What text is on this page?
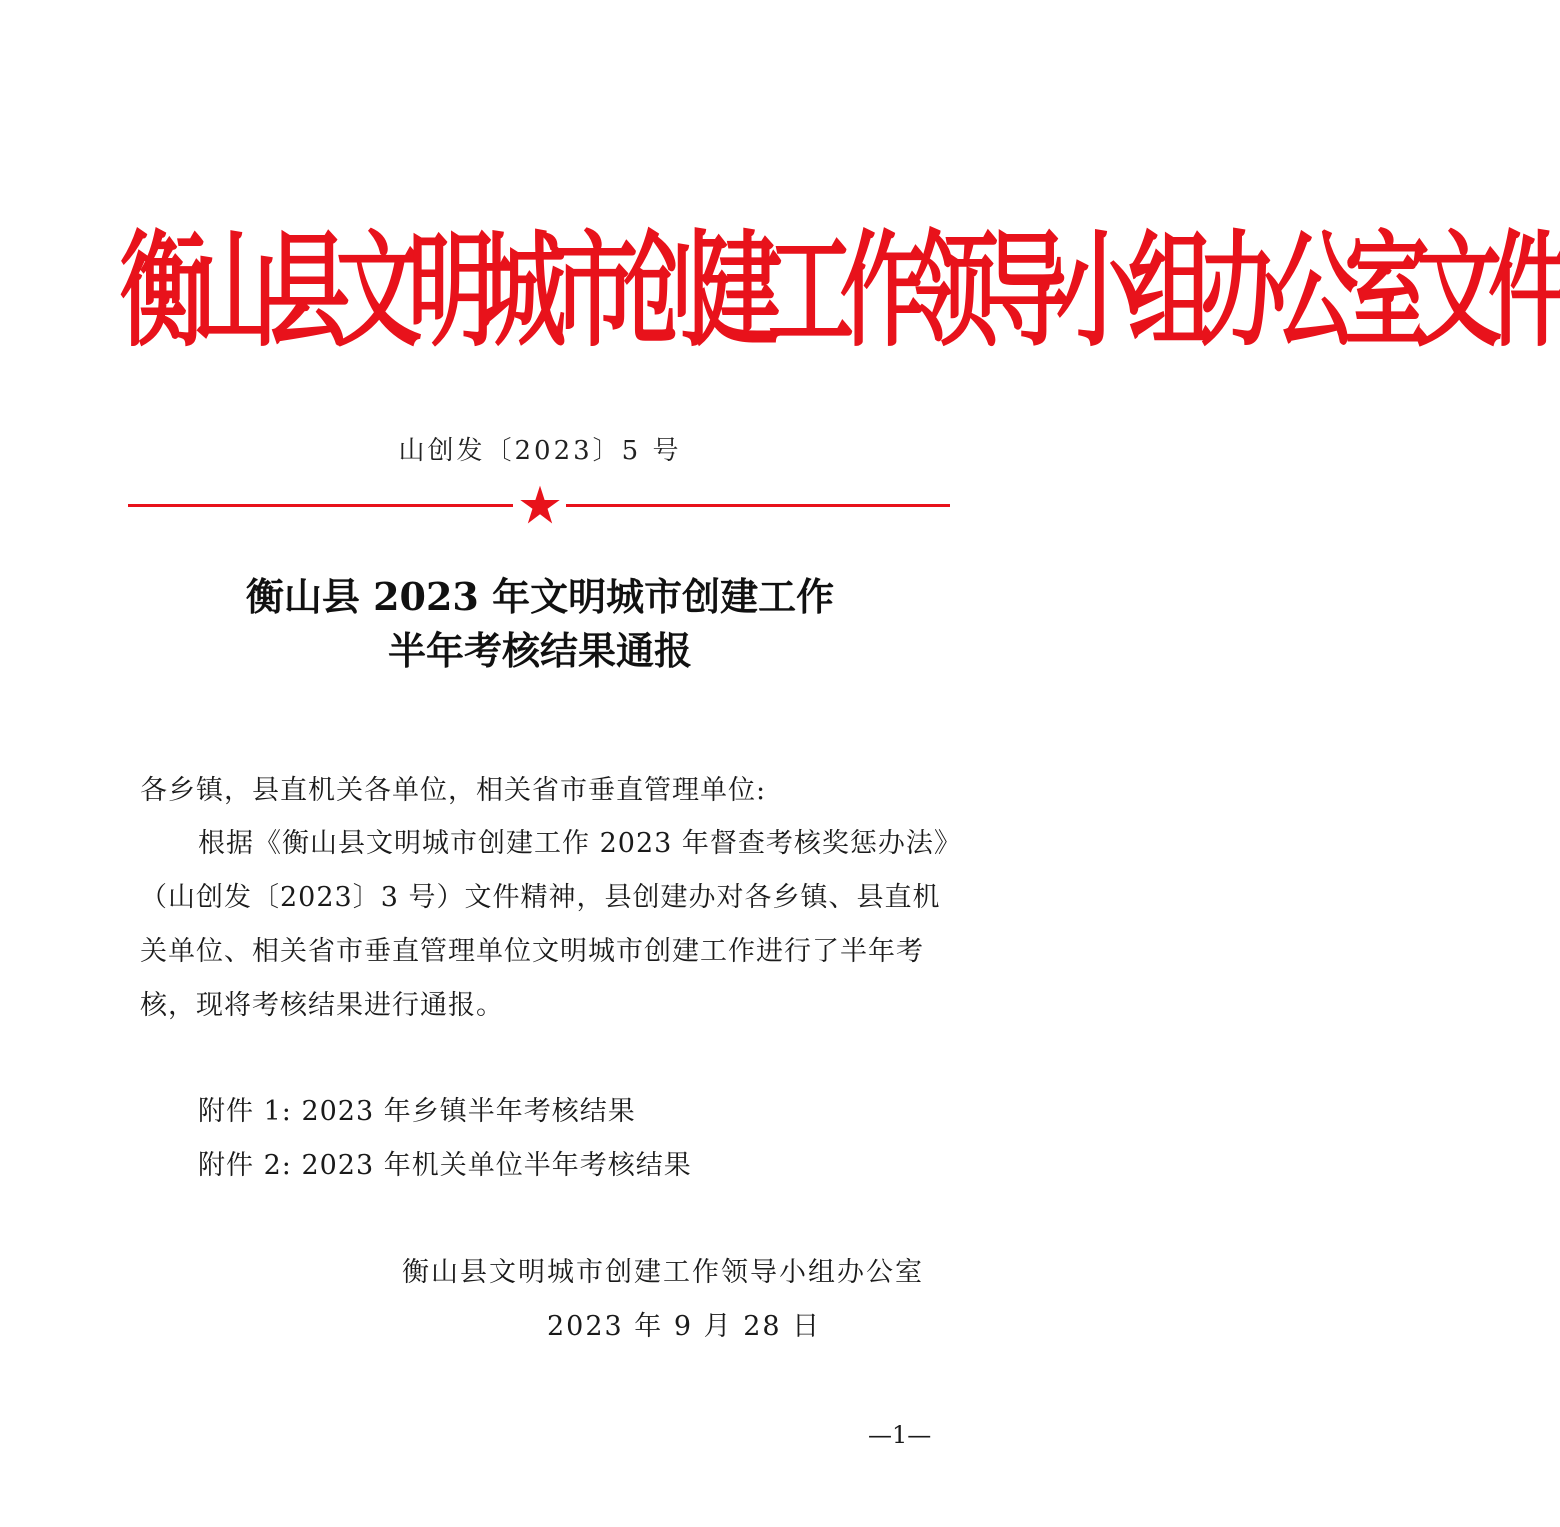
衡山县文明城市创建工作领导小组办公室文件
山创发〔2023〕5 号
衡山县 2023 年文明城市创建工作
半年考核结果通报
各乡镇，县直机关各单位，相关省市垂直管理单位:
根据《衡山县文明城市创建工作 2023 年督查考核奖惩办法》
（山创发〔2023〕3 号）文件精神，县创建办对各乡镇、县直机
关单位、相关省市垂直管理单位文明城市创建工作进行了半年考
核，现将考核结果进行通报。
附件 1: 2023 年乡镇半年考核结果
附件 2: 2023 年机关单位半年考核结果
衡山县文明城市创建工作领导小组办公室
2023 年 9 月 28 日
—1—
